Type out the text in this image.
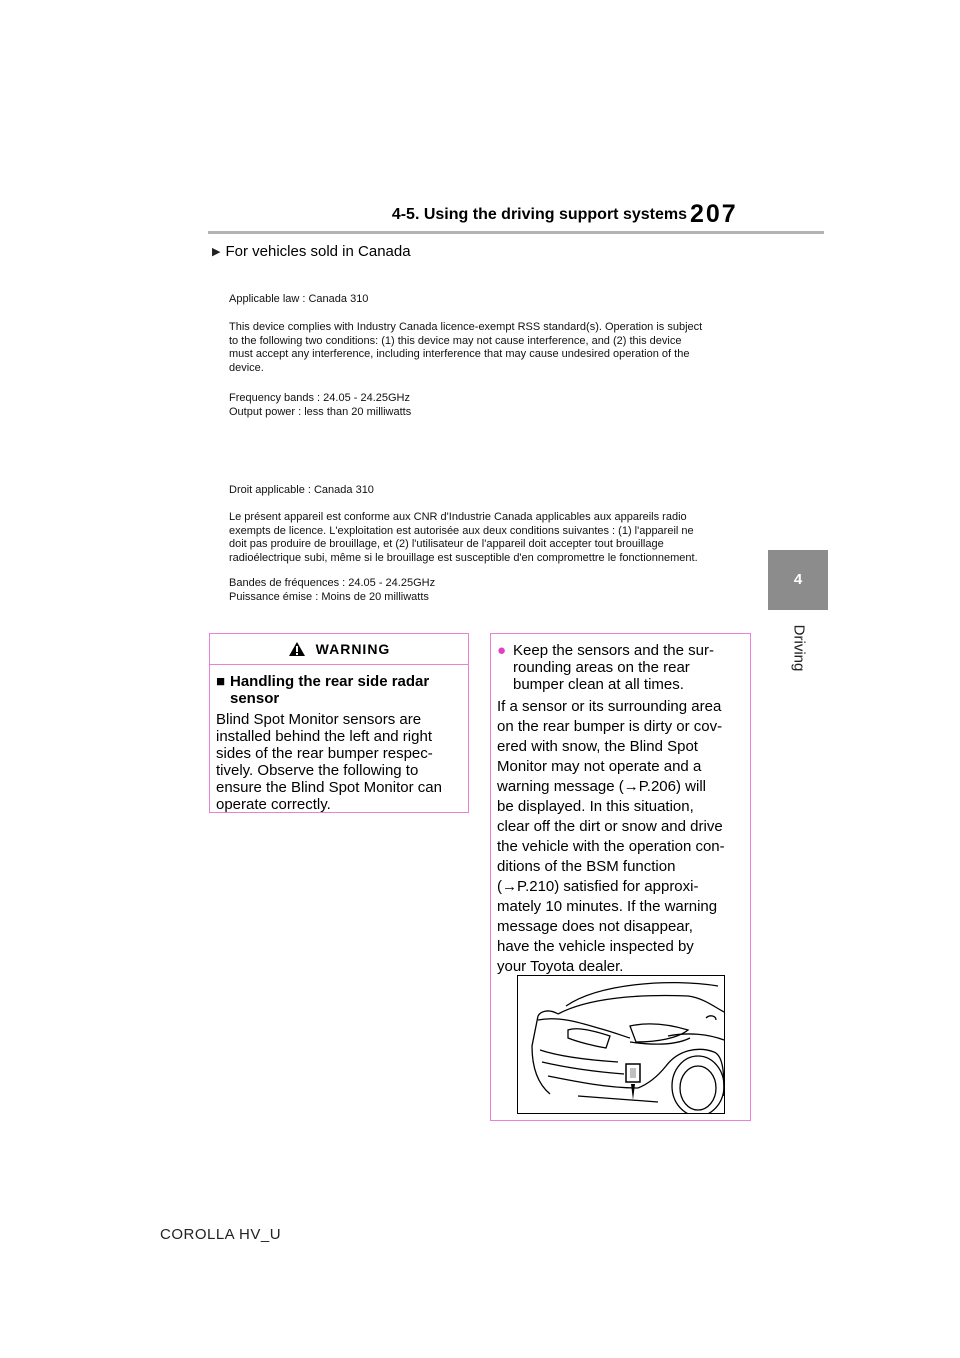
4-5. Using the driving support systems 207
4
Driving
▶ For vehicles sold in Canada

Applicable law : Canada 310

This device complies with Industry Canada licence-exempt RSS standard(s). Operation is subject

to the following two conditions: (1) this device may not cause interference, and (2) this device

must accept any interference, including interference that may cause undesired operation of the

device.

Frequency bands : 24.05 - 24.25GHz

Output power : less than 20 milliwatts

Droit applicable : Canada 310

Le présent appareil est conforme aux CNR d'Industrie Canada applicables aux appareils radio

exempts de licence. L'exploitation est autorisée aux deux conditions suivantes : (1) l'appareil ne

doit pas produire de brouillage, et (2) l'utilisateur de l'appareil doit accepter tout brouillage

radioélectrique subi, même si le brouillage est susceptible d'en compromettre le fonctionnement.

Bandes de fréquences : 24.05 - 24.25GHz

Puissance émise : Moins de 20 milliwatts

WARNING
■ Handling the rear side radar
sensor
Blind Spot Monitor sensors are
installed behind the left and right
sides of the rear bumper respec-
tively. Observe the following to
ensure the Blind Spot Monitor can
operate correctly.
● Keep the sensors and the sur-
rounding areas on the rear
bumper clean at all times.
If a sensor or its surrounding area
on the rear bumper is dirty or cov-
ered with snow, the Blind Spot
Monitor may not operate and a
warning message (→P.206) will
be displayed. In this situation,
clear off the dirt or snow and drive
the vehicle with the operation con-
ditions of the BSM function
(→P.210) satisfied for approxi-
mately 10 minutes. If the warning
message does not disappear,
have the vehicle inspected by
your Toyota dealer.
COROLLA HV_U
